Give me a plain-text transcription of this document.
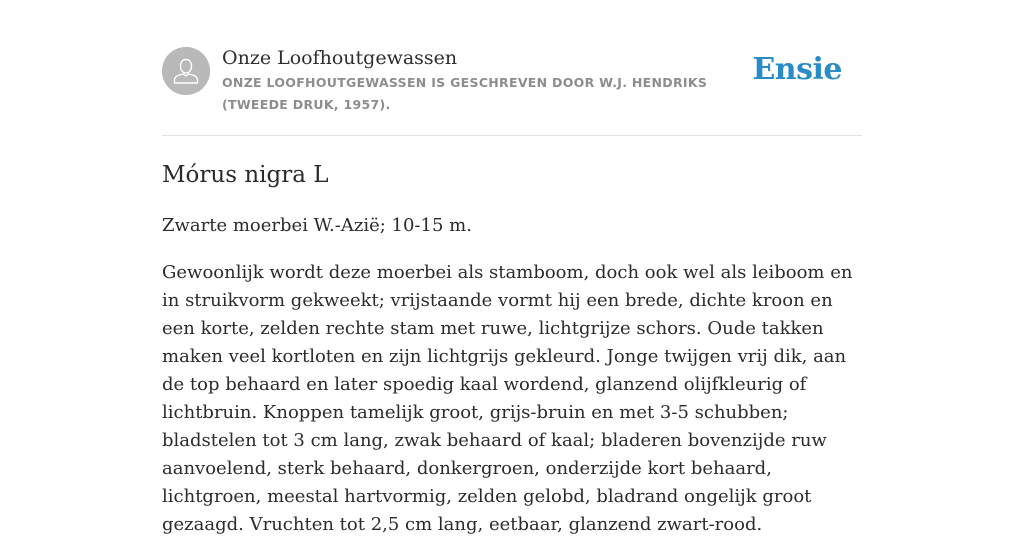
Onze Loofhoutgewassen
ONZE LOOFHOUTGEWASSEN IS GESCHREVEN DOOR W.J. HENDRIKS (TWEEDE DRUK, 1957).
Ensie
Mórus nigra L

Zwarte moerbei W.-Azië; 10-15 m.

Gewoonlijk wordt deze moerbei als stamboom, doch ook wel als leiboom en in struikvorm gekweekt; vrijstaande vormt hij een brede, dichte kroon en een korte, zelden rechte stam met ruwe, lichtgrijze schors. Oude takken maken veel kortloten en zijn lichtgrijs gekleurd. Jonge twijgen vrij dik, aan de top behaard en later spoedig kaal wordend, glanzend olijfkleurig of lichtbruin. Knoppen tamelijk groot, grijs-bruin en met 3-5 schubben; bladstelen tot 3 cm lang, zwak behaard of kaal; bladeren bovenzijde ruw aanvoelend, sterk behaard, donkergroen, onderzijde kort behaard, lichtgroen, meestal hartvormig, zelden gelobd, bladrand ongelijk groot gezaagd. Vruchten tot 2,5 cm lang, eetbaar, glanzend zwart-rood.
